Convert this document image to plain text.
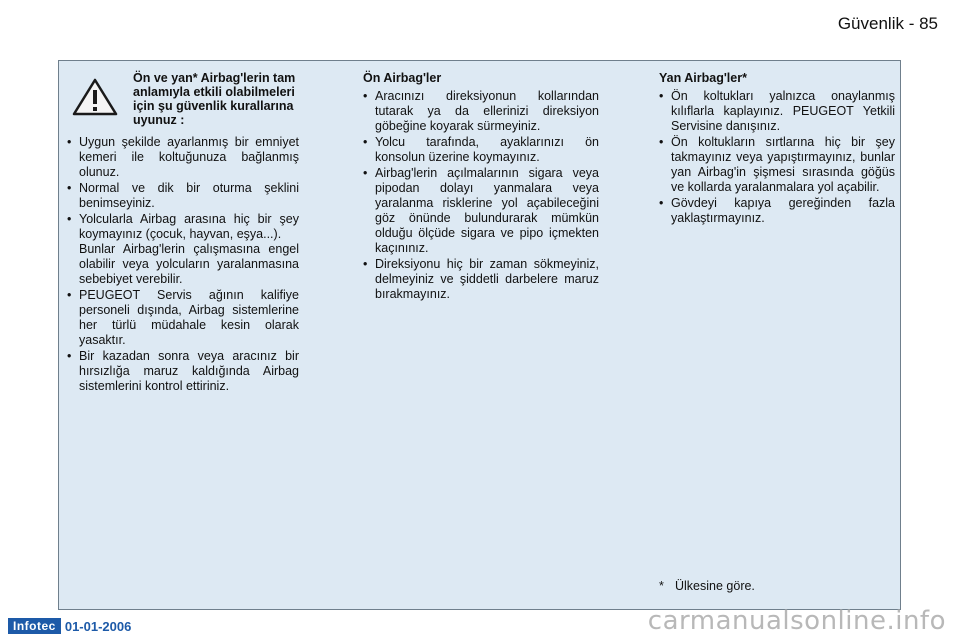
Güvenlik - 85
Ön ve yan* Airbag'lerin tam anlamıyla etkili olabilmeleri için şu güvenlik kurallarına uyunuz :
• Uygun şekilde ayarlanmış bir emniyet kemeri ile koltuğunuza bağlanmış olunuz.
• Normal ve dik bir oturma şeklini benimseyiniz.
• Yolcularla Airbag arasına hiç bir şey koymayınız (çocuk, hayvan, eşya...).
Bunlar Airbag'lerin çalışmasına engel olabilir veya yolcuların yaralanmasına sebebiyet verebilir.
• PEUGEOT Servis ağının kalifiye personeli dışında, Airbag sistemlerine her türlü müdahale kesin olarak yasaktır.
• Bir kazadan sonra veya aracınız bir hırsızlığa maruz kaldığında Airbag sistemlerini kontrol ettiriniz.
Ön Airbag'ler
• Aracınızı direksiyonun kollarından tutarak ya da ellerinizi direksiyon göbeğine koyarak sürmeyiniz.
• Yolcu tarafında, ayaklarınızı ön konsolun üzerine koymayınız.
• Airbag'lerin açılmalarının sigara veya pipodan dolayı yanmalara veya yaralanma risklerine yol açabileceğini göz önünde bulundurarak mümkün olduğu ölçüde sigara ve pipo içmekten kaçınınız.
• Direksiyonu hiç bir zaman sökmeyiniz, delmeyiniz ve şiddetli darbelere maruz bırakmayınız.
Yan Airbag'ler*
• Ön koltukları yalnızca onaylanmış kılıflarla kaplayınız. PEUGEOT Yetkili Servisine danışınız.
• Ön koltukların sırtlarına hiç bir şey takmayınız veya yapıştırmayınız, bunlar yan Airbag'in şişmesi sırasında göğüs ve kollarda yaralanmalara yol açabilir.
• Gövdeyi kapıya gereğinden fazla yaklaştırmayınız.
* Ülkesine göre.
Infotec 01-01-2006	carmanualsonline.info
